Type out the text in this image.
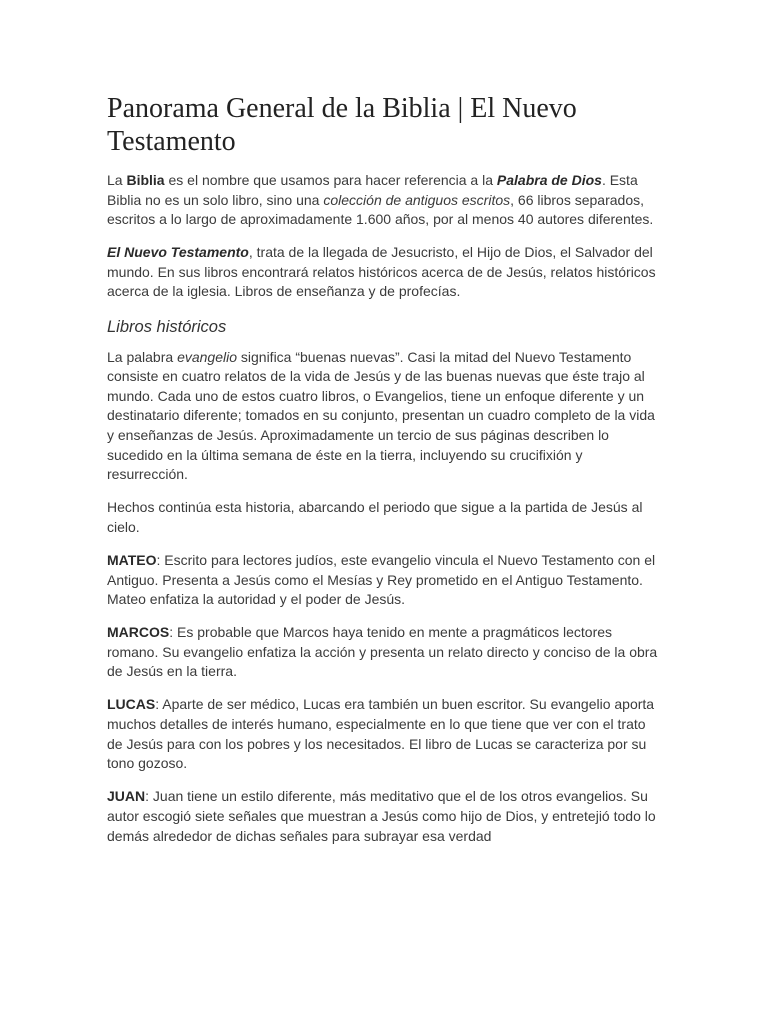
Panorama General de la Biblia | El Nuevo Testamento

La Biblia es el nombre que usamos para hacer referencia a la Palabra de Dios. Esta Biblia no es un solo libro, sino una colección de antiguos escritos, 66 libros separados, escritos a lo largo de aproximadamente 1.600 años, por al menos 40 autores diferentes.

El Nuevo Testamento, trata de la llegada de Jesucristo, el Hijo de Dios, el Salvador del mundo. En sus libros encontrará relatos históricos acerca de de Jesús, relatos históricos acerca de la iglesia. Libros de enseñanza y de profecías.

Libros históricos

La palabra evangelio significa “buenas nuevas”. Casi la mitad del Nuevo Testamento consiste en cuatro relatos de la vida de Jesús y de las buenas nuevas que éste trajo al mundo. Cada uno de estos cuatro libros, o Evangelios, tiene un enfoque diferente y un destinatario diferente; tomados en su conjunto, presentan un cuadro completo de la vida y enseñanzas de Jesús. Aproximadamente un tercio de sus páginas describen lo sucedido en la última semana de éste en la tierra, incluyendo su crucifixión y resurrección.

Hechos continúa esta historia, abarcando el periodo que sigue a la partida de Jesús al cielo.

MATEO: Escrito para lectores judíos, este evangelio vincula el Nuevo Testamento con el Antiguo. Presenta a Jesús como el Mesías y Rey prometido en el Antiguo Testamento. Mateo enfatiza la autoridad y el poder de Jesús.

MARCOS: Es probable que Marcos haya tenido en mente a pragmáticos lectores romano. Su evangelio enfatiza la acción y presenta un relato directo y conciso de la obra de Jesús en la tierra.

LUCAS: Aparte de ser médico, Lucas era también un buen escritor. Su evangelio aporta muchos detalles de interés humano, especialmente en lo que tiene que ver con el trato de Jesús para con los pobres y los necesitados. El libro de Lucas se caracteriza por su tono gozoso.

JUAN: Juan tiene un estilo diferente, más meditativo que el de los otros evangelios. Su autor escogió siete señales que muestran a Jesús como hijo de Dios, y entretejió todo lo demás alrededor de dichas señales para subrayar esa verdad
